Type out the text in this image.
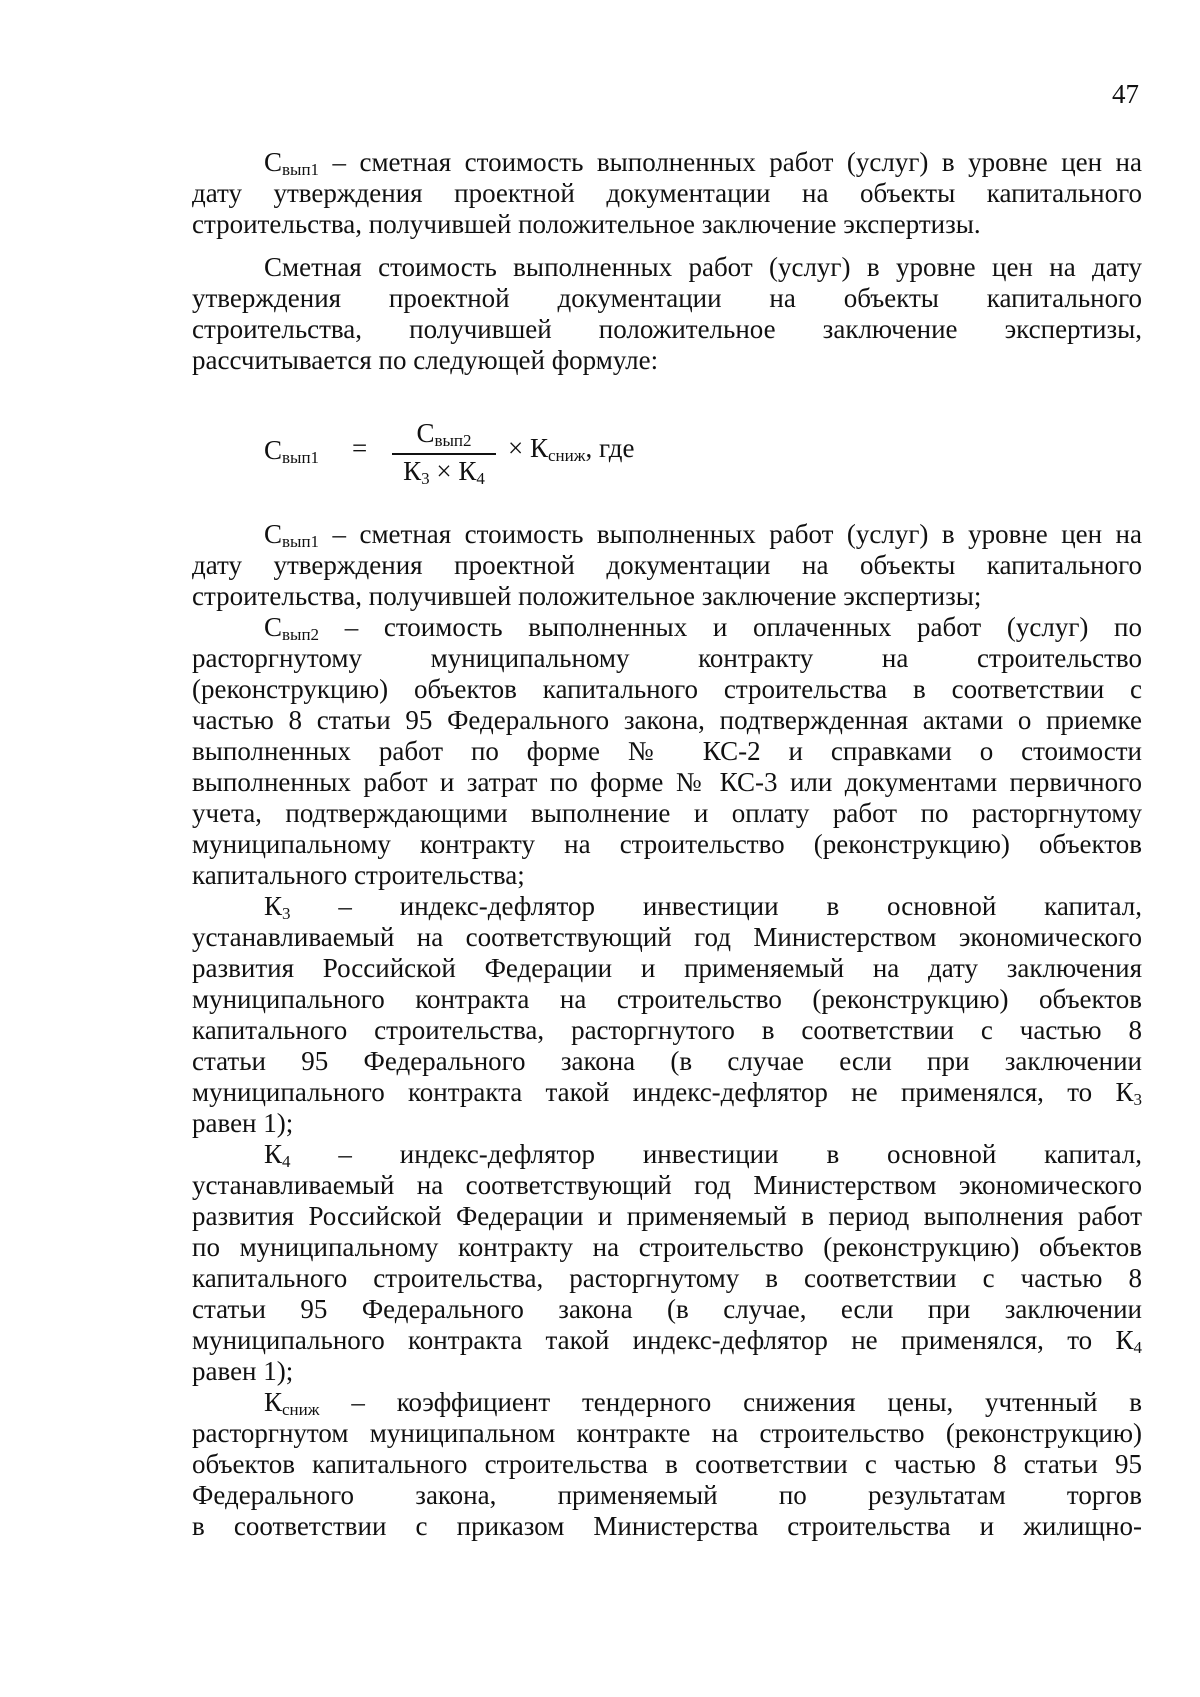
47
$С_{вып1}$ – сметная стоимость выполненных работ (услуг) в уровне цен на
дату утверждения проектной документации на объекты капитального
строительства, получившей положительное заключение экспертизы.
Сметная стоимость выполненных работ (услуг) в уровне цен на дату
утверждения проектной документации на объекты капитального
строительства, получившей положительное заключение экспертизы,
рассчитывается по следующей формуле:
$С_{вып1}$ =	$С_{вып2}$
$К_3 \times К_4$
× $К_{сниж}$, где
$С_{вып1}$ – сметная стоимость выполненных работ (услуг) в уровне цен на
дату утверждения проектной документации на объекты капитального
строительства, получившей положительное заключение экспертизы;
$С_{вып2}$ – стоимость выполненных и оплаченных работ (услуг) по
расторгнутому муниципальному контракту на строительство
(реконструкцию) объектов капитального строительства в соответствии с
частью 8 статьи 95 Федерального закона, подтвержденная актами о приемке
выполненных работ по форме № КС-2 и справками о стоимости
выполненных работ и затрат по форме № КС-3 или документами первичного
учета, подтверждающими выполнение и оплату работ по расторгнутому
муниципальному контракту на строительство (реконструкцию) объектов
капитального строительства;
$К_3$ – индекс-дефлятор инвестиции в основной капитал,
устанавливаемый на соответствующий год Министерством экономического
развития Российской Федерации и применяемый на дату заключения
муниципального контракта на строительство (реконструкцию) объектов
капитального строительства, расторгнутого в соответствии с частью 8
статьи 95 Федерального закона (в случае если при заключении
муниципального контракта такой индекс-дефлятор не применялся, то $К_3$
равен 1);
$К_4$ – индекс-дефлятор инвестиции в основной капитал,
устанавливаемый на соответствующий год Министерством экономического
развития Российской Федерации и применяемый в период выполнения работ
по муниципальному контракту на строительство (реконструкцию) объектов
капитального строительства, расторгнутому в соответствии с частью 8
статьи 95 Федерального закона (в случае, если при заключении
муниципального контракта такой индекс-дефлятор не применялся, то $К_4$
равен 1);
$К_{сниж}$ – коэффициент тендерного снижения цены, учтенный в
расторгнутом муниципальном контракте на строительство (реконструкцию)
объектов капитального строительства в соответствии с частью 8 статьи 95
Федерального закона, применяемый по результатам торгов
в соответствии с приказом Министерства строительства и жилищно-
